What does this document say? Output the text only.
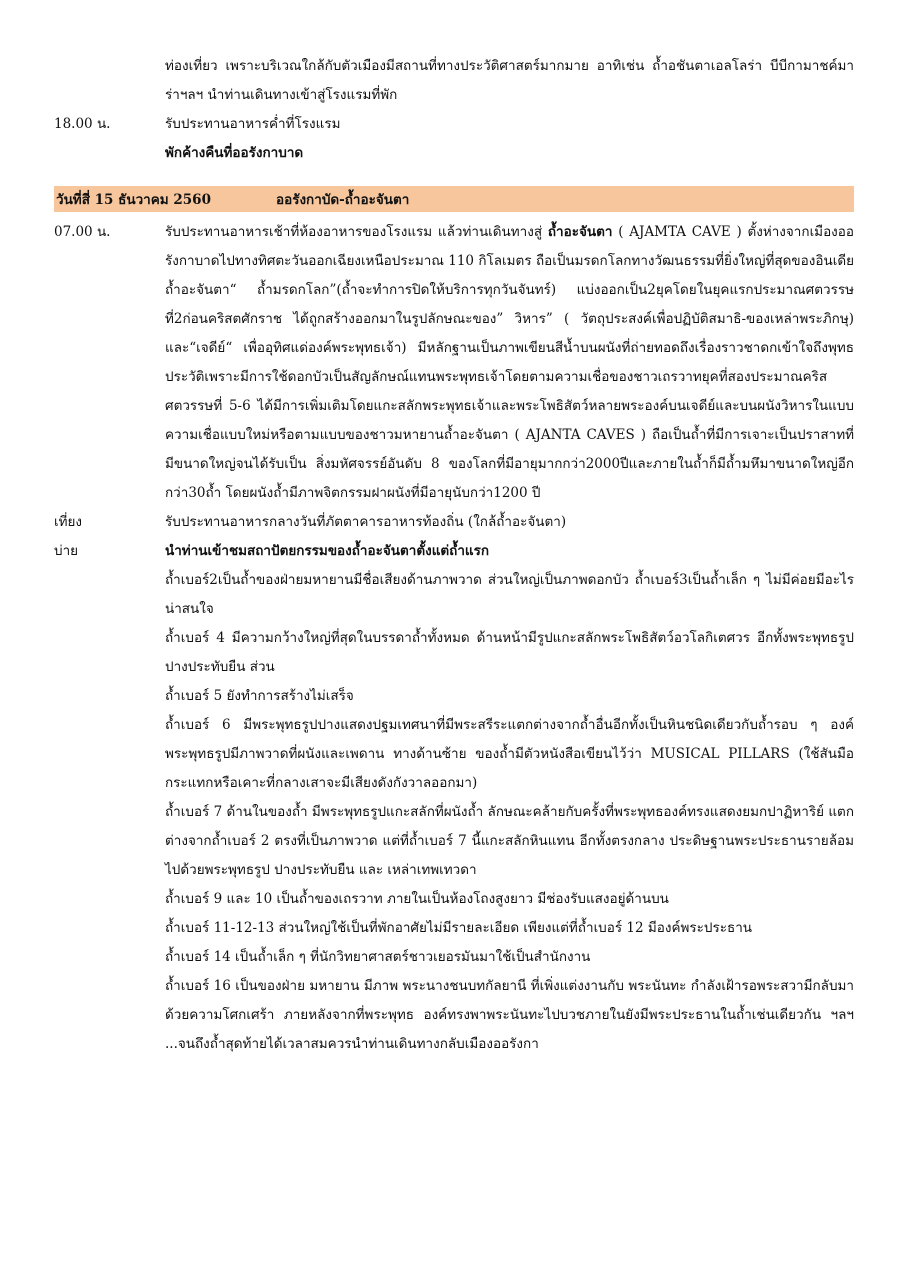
ท่องเที่ยว เพราะบริเวณใกล้กับตัวเมืองมีสถานที่ทางประวัติศาสตร์มากมาย อาทิเช่น ถ้ำอชันตาเอลโลร่า บีบีกามาชค์มาร่าฯลฯ นำท่านเดินทางเข้าสู่โรงแรมที่พัก
18.00 น.	รับประทานอาหารค่ำที่โรงแรม
พักค้างคืนที่ออรังกาบาด
วันที่สี่ 15 ธันวาคม 2560	ออรังกาบัด-ถ้ำอะจันตา
07.00 น.	รับประทานอาหารเช้าที่ห้องอาหารของโรงแรม แล้วท่านเดินทางสู่ ถ้ำอะจันตา ( AJAMTA CAVE ) ตั้งห่างจากเมืองออรังกาบาดไปทางทิศตะวันออกเฉียงเหนือประมาณ 110 กิโลเมตร ถือเป็นมรดกโลกทางวัฒนธรรมที่ยิ่งใหญ่ที่สุดของอินเดียถ้ำอะจันตา“ ถ้ำมรดกโลก”(ถ้ำจะทำการปิดให้บริการทุกวันจันทร์) แบ่งออกเป็น2ยุคโดยในยุคแรกประมาณศตวรรษที่2ก่อนคริสตศักราช ได้ถูกสร้างออกมาในรูปลักษณะของ” วิหาร” ( วัตถุประสงค์เพื่อปฏิบัติสมาธิ-ของเหล่าพระภิกษุ) และ“เจดีย์“ เพื่ออุทิศแด่องค์พระพุทธเจ้า) มีหลักฐานเป็นภาพเขียนสีน้ำบนผนังที่ถ่ายทอดถึงเรื่องราวชาดกเข้าใจถึงพุทธประวัติเพราะมีการใช้ดอกบัวเป็นสัญลักษณ์แทนพระพุทธเจ้าโดยตามความเชื่อของชาวเถรวาทยุคที่สองประมาณคริสศตวรรษที่ 5-6 ได้มีการเพิ่มเติมโดยแกะสลักพระพุทธเจ้าและพระโพธิสัตว์หลายพระองค์บนเจดีย์และบนผนังวิหารในแบบความเชื่อแบบใหม่หรือตามแบบของชาวมหายานถ้ำอะจันตา ( AJANTA CAVES ) ถือเป็นถ้ำที่มีการเจาะเป็นปราสาทที่มีขนาดใหญ่จนได้รับเป็น สิ่งมหัศจรรย์อันดับ 8 ของโลกที่มีอายุมากกว่า2000ปีและภายในถ้ำก็มีถ้ำมหึมาขนาดใหญ่อีกกว่า30ถ้ำ โดยผนังถ้ำมีภาพจิตกรรมฝาผนังที่มีอายุนับกว่า1200 ปี
เที่ยง	รับประทานอาหารกลางวันที่ภัตตาคารอาหารท้องถิ่น (ใกล้ถ้ำอะจันตา)
บ่าย	นำท่านเข้าชมสถาปัตยกรรมของถ้ำอะจันตาตั้งแต่ถ้ำแรก

ถ้ำเบอร์2เป็นถ้ำของฝ่ายมหายานมีชื่อเสียงด้านภาพวาด ส่วนใหญ่เป็นภาพดอกบัว ถ้ำเบอร์3เป็นถ้ำเล็ก ๆ ไม่มีค่อยมีอะไรน่าสนใจ

ถ้ำเบอร์ 4 มีความกว้างใหญ่ที่สุดในบรรดาถ้ำทั้งหมด ด้านหน้ามีรูปแกะสลักพระโพธิสัตว์อวโลกิเตศวร อีกทั้งพระพุทธรูปปางประทับยืน ส่วน

ถ้ำเบอร์ 5 ยังทำการสร้างไม่เสร็จ

ถ้ำเบอร์ 6 มีพระพุทธรูปปางแสดงปฐมเทศนาที่มีพระสรีระแตกต่างจากถ้ำอื่นอีกทั้งเป็นหินชนิดเดียวกับถ้ำรอบ ๆ องค์พระพุทธรูปมีภาพวาดที่ผนังและเพดาน ทางด้านซ้าย ของถ้ำมีตัวหนังสือเขียนไว้ว่า MUSICAL PILLARS (ใช้สันมือกระแทกหรือเคาะที่กลางเสาจะมีเสียงดังกังวาลออกมา)

ถ้ำเบอร์ 7 ด้านในของถ้ำ มีพระพุทธรูปแกะสลักที่ผนังถ้ำ ลักษณะคล้ายกับครั้งที่พระพุทธองค์ทรงแสดงยมกปาฏิหาริย์ แตกต่างจากถ้ำเบอร์ 2 ตรงที่เป็นภาพวาด แต่ที่ถ้ำเบอร์ 7 นี้แกะสลักหินแทน อีกทั้งตรงกลาง ประดิษฐานพระประธานรายล้อมไปด้วยพระพุทธรูป ปางประทับยืน และ เหล่าเทพเทวดา

ถ้ำเบอร์ 9 และ 10 เป็นถ้ำของเถรวาท ภายในเป็นห้องโถงสูงยาว มีช่องรับแสงอยู่ด้านบน

ถ้ำเบอร์ 11-12-13 ส่วนใหญ่ใช้เป็นที่พักอาศัยไม่มีรายละเอียด เพียงแต่ที่ถ้ำเบอร์ 12 มีองค์พระประธาน

ถ้ำเบอร์ 14 เป็นถ้ำเล็ก ๆ ที่นักวิทยาศาสตร์ชาวเยอรมันมาใช้เป็นสำนักงาน

ถ้ำเบอร์ 16 เป็นของฝ่าย มหายาน มีภาพ พระนางชนบทกัลยานี ที่เพิ่งแต่งงานกับ พระนันทะ กำลังเฝ้ารอพระสวามีกลับมาด้วยความโศกเศร้า ภายหลังจากที่พระพุทธ องค์ทรงพาพระนันทะไปบวชภายในยังมีพระประธานในถ้ำเช่นเดียวกัน ฯลฯ ...จนถึงถ้ำสุดท้ายได้เวลาสมควรนำท่านเดินทางกลับเมืองออรังกา
